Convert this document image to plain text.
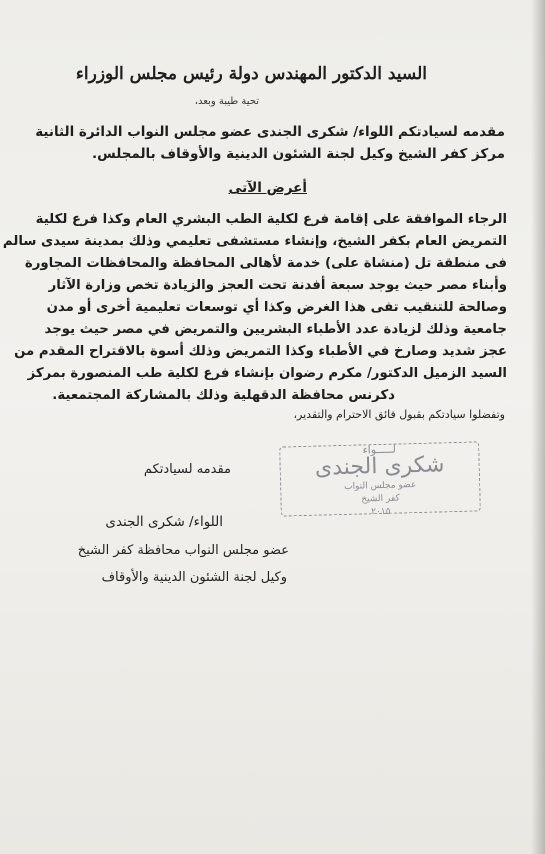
السيد الدكتور المهندس دولة رئيس مجلس الوزراء
تحية طيبة وبعد،
مقدمه لسيادتكم اللواء/ شكرى الجندى عضو مجلس النواب الدائرة الثانية
مركز كفر الشيخ وكيل لجنة الشئون الدينية والأوقاف بالمجلس.
أعرض الآتى
الرجاء الموافقة على إقامة فرع لكلية الطب البشري العام وكذا فرع لكلية
التمريض العام بكفر الشيخ، وإنشاء مستشفى تعليمي وذلك بمدينة سيدى سالم
فى منطقة تل (منشاة على) خدمة لأهالى المحافظة والمحافظات المجاورة
وأبناء مصر حيث يوجد سبعة أفدنة تحت العجز والزيادة تخص وزارة الآثار
وصالحة للتنقيب تفى هذا الغرض وكذا أي توسعات تعليمية أخرى أو مدن
جامعية وذلك لزيادة عدد الأطباء البشريين والتمريض في مصر حيث يوجد
عجز شديد وصارخ في الأطباء وكذا التمريض وذلك أسوة بالاقتراح المقدم من
السيد الزميل الدكتور/ مكرم رضوان بإنشاء فرع لكلية طب المنصورة بمركز
دكرنس محافظة الدقهلية وذلك بالمشاركة المجتمعية.
وتفضلوا سيادتكم بقبول فائق الاحترام والتقدير،
لـــــواء
شكرى الجندى
عضو مجلس النواب
كفر الشيخ
٢٠١٥
مقدمه لسيادتكم
اللواء/ شكرى الجندى
عضو مجلس النواب محافظة كفر الشيخ
وكيل لجنة الشئون الدينية والأوقاف
